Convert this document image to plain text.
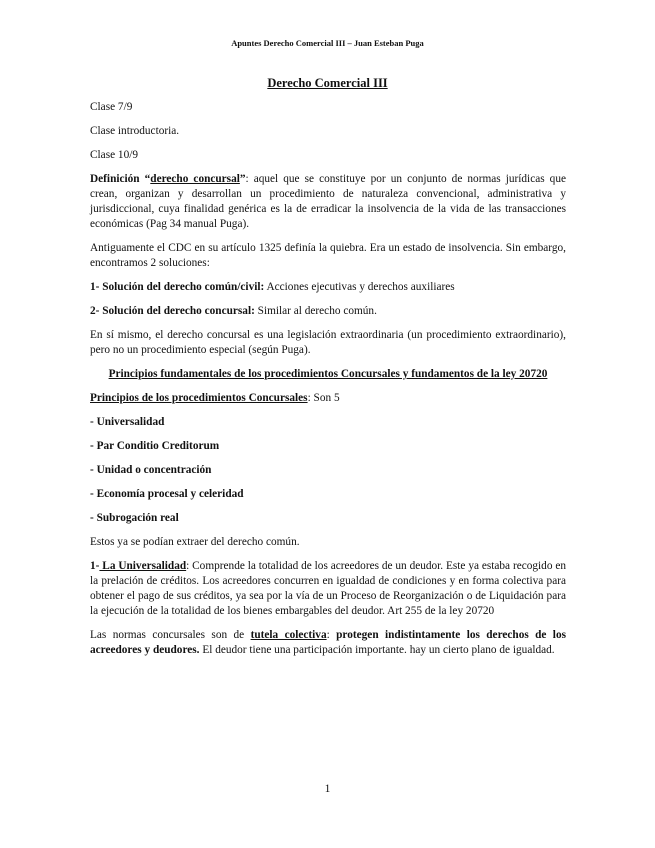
Apuntes Derecho Comercial III – Juan Esteban Puga
Derecho Comercial III

Clase 7/9

Clase introductoria.

Clase 10/9

Definición “derecho concursal”: aquel que se constituye por un conjunto de normas jurídicas que crean, organizan y desarrollan un procedimiento de naturaleza convencional, administrativa y jurisdiccional, cuya finalidad genérica es la de erradicar la insolvencia de la vida de las transacciones económicas (Pag 34 manual Puga).

Antiguamente el CDC en su artículo 1325 definía la quiebra. Era un estado de insolvencia. Sin embargo, encontramos 2 soluciones:

1- Solución del derecho común/civil: Acciones ejecutivas y derechos auxiliares

2- Solución del derecho concursal: Similar al derecho común.

En sí mismo, el derecho concursal es una legislación extraordinaria (un procedimiento extraordinario), pero no un procedimiento especial (según Puga).

Principios fundamentales de los procedimientos Concursales y fundamentos de la ley 20720

Principios de los procedimientos Concursales: Son 5

- Universalidad

- Par Conditio Creditorum

- Unidad o concentración

- Economía procesal y celeridad

- Subrogación real

Estos ya se podían extraer del derecho común.

1- La Universalidad: Comprende la totalidad de los acreedores de un deudor. Este ya estaba recogido en la prelación de créditos. Los acreedores concurren en igualdad de condiciones y en forma colectiva para obtener el pago de sus créditos, ya sea por la vía de un Proceso de Reorganización o de Liquidación para la ejecución de la totalidad de los bienes embargables del deudor. Art 255 de la ley 20720

Las normas concursales son de tutela colectiva: protegen indistintamente los derechos de los acreedores y deudores. El deudor tiene una participación importante. hay un cierto plano de igualdad.

1
